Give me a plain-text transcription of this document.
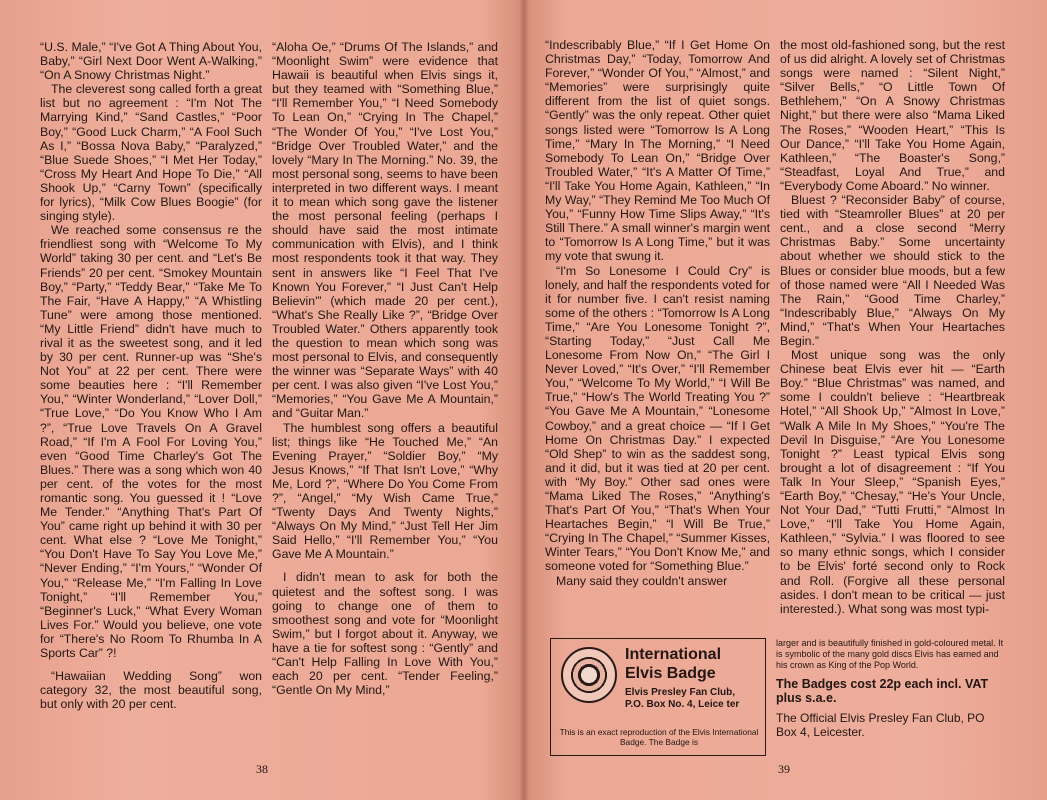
“U.S. Male,” “I've Got A Thing About You, Baby,” “Girl Next Door Went A-Walking,” “On A Snowy Christmas Night.”

The cleverest song called forth a great list but no agreement : “I'm Not The Marrying Kind,” “Sand Castles,” “Poor Boy,” “Good Luck Charm,” “A Fool Such As I,” “Bossa Nova Baby,” “Paralyzed,” “Blue Suede Shoes,” “I Met Her Today,” “Cross My Heart And Hope To Die,” “All Shook Up,” “Carny Town” (specifically for lyrics), “Milk Cow Blues Boogie” (for singing style).

We reached some consensus re the friendliest song with “Welcome To My World” taking 30 per cent. and “Let's Be Friends” 20 per cent. “Smokey Mountain Boy,” “Party,” “Teddy Bear,” “Take Me To The Fair, “Have A Happy,” “A Whistling Tune” were among those mentioned. “My Little Friend” didn't have much to rival it as the sweetest song, and it led by 30 per cent. Runner-up was “She's Not You” at 22 per cent. There were some beauties here : “I'll Remember You,” “Winter Wonderland,” “Lover Doll,” “True Love,” “Do You Know Who I Am ?”, “True Love Travels On A Gravel Road,” “If I'm A Fool For Loving You,” even “Good Time Charley's Got The Blues.” There was a song which won 40 per cent. of the votes for the most romantic song. You guessed it ! “Love Me Tender.” “Anything That's Part Of You” came right up behind it with 30 per cent. What else ? “Love Me Tonight,” “You Don't Have To Say You Love Me,” “Never Ending,” “I'm Yours,” “Wonder Of You,” “Release Me,” “I'm Falling In Love Tonight,” “I'll Remember You,” “Beginner's Luck,” “What Every Woman Lives For.” Would you believe, one vote for “There's No Room To Rhumba In A Sports Car” ?!

“Hawaiian Wedding Song” won category 32, the most beautiful song, but only with 20 per cent.

“Aloha Oe,” “Drums Of The Islands,” and “Moonlight Swim” were evidence that Hawaii is beautiful when Elvis sings it, but they teamed with “Something Blue,” “I'll Remember You,” “I Need Somebody To Lean On,” “Crying In The Chapel,” “The Wonder Of You,” “I've Lost You,” “Bridge Over Troubled Water,” and the lovely “Mary In The Morning.” No. 39, the most personal song, seems to have been interpreted in two different ways. I meant it to mean which song gave the listener the most personal feeling (perhaps I should have said the most intimate communication with Elvis), and I think most respondents took it that way. They sent in answers like “I Feel That I've Known You Forever,” “I Just Can't Help Believin'” (which made 20 per cent.), “What's She Really Like ?”, “Bridge Over Troubled Water.” Others apparently took the question to mean which song was most personal to Elvis, and consequently the winner was “Separate Ways” with 40 per cent. I was also given “I've Lost You,” “Memories,” “You Gave Me A Mountain,” and “Guitar Man.”

The humblest song offers a beautiful list; things like “He Touched Me,” “An Evening Prayer,” “Soldier Boy,” “My Jesus Knows,” “If That Isn't Love,” “Why Me, Lord ?”, “Where Do You Come From ?”, “Angel,” “My Wish Came True,” “Twenty Days And Twenty Nights,” “Always On My Mind,” “Just Tell Her Jim Said Hello,” “I'll Remember You,” “You Gave Me A Mountain.”

I didn't mean to ask for both the quietest and the softest song. I was going to change one of them to smoothest song and vote for “Moonlight Swim,” but I forgot about it. Anyway, we have a tie for softest song : “Gently” and “Can't Help Falling In Love With You,” each 20 per cent. “Tender Feeling,” “Gentle On My Mind,”

“Indescribably Blue,” “If I Get Home On Christmas Day,” “Today, Tomorrow And Forever,” “Wonder Of You,” “Almost,” and “Memories” were surprisingly quite different from the list of quiet songs. “Gently” was the only repeat. Other quiet songs listed were “Tomorrow Is A Long Time,” “Mary In The Morning,” “I Need Somebody To Lean On,” “Bridge Over Troubled Water,” “It's A Matter Of Time,” “I'll Take You Home Again, Kathleen,” “In My Way,” “They Remind Me Too Much Of You,” “Funny How Time Slips Away,” “It's Still There.” A small winner's margin went to “Tomorrow Is A Long Time,” but it was my vote that swung it.

“I'm So Lonesome I Could Cry” is lonely, and half the respondents voted for it for number five. I can't resist naming some of the others : “Tomorrow Is A Long Time,” “Are You Lonesome Tonight ?”, “Starting Today,” “Just Call Me Lonesome From Now On,” “The Girl I Never Loved,” “It's Over,” “I'll Remember You,” “Welcome To My World,” “I Will Be True,” “How's The World Treating You ?” “You Gave Me A Mountain,” “Lonesome Cowboy,” and a great choice — “If I Get Home On Christmas Day.” I expected “Old Shep” to win as the saddest song, and it did, but it was tied at 20 per cent. with “My Boy.” Other sad ones were “Mama Liked The Roses,” “Anything's That's Part Of You,” “That's When Your Heartaches Begin,” “I Will Be True,” “Crying In The Chapel,” “Summer Kisses, Winter Tears,” “You Don't Know Me,” and someone voted for “Something Blue.”

Many said they couldn't answer

the most old-fashioned song, but the rest of us did alright. A lovely set of Christmas songs were named : “Silent Night,” “Silver Bells,” “O Little Town Of Bethlehem,” “On A Snowy Christmas Night,” but there were also “Mama Liked The Roses,” “Wooden Heart,” “This Is Our Dance,” “I'll Take You Home Again, Kathleen,” “The Boaster's Song,” “Steadfast, Loyal And True,” and “Everybody Come Aboard.” No winner.

Bluest ? “Reconsider Baby” of course, tied with “Steamroller Blues” at 20 per cent., and a close second “Merry Christmas Baby.” Some uncertainty about whether we should stick to the Blues or consider blue moods, but a few of those named were “All I Needed Was The Rain,” “Good Time Charley,” “Indescribably Blue,” “Always On My Mind,” “That's When Your Heartaches Begin.”

Most unique song was the only Chinese beat Elvis ever hit — “Earth Boy.” “Blue Christmas” was named, and some I couldn't believe : “Heartbreak Hotel,” “All Shook Up,” “Almost In Love,” “Walk A Mile In My Shoes,” “You're The Devil In Disguise,” “Are You Lonesome Tonight ?” Least typical Elvis song brought a lot of disagreement : “If You Talk In Your Sleep,” “Spanish Eyes,” “Earth Boy,” “Chesay,” “He's Your Uncle, Not Your Dad,” “Tutti Frutti,” “Almost In Love,” “I'll Take You Home Again, Kathleen,” “Sylvia.” I was floored to see so many ethnic songs, which I consider to be Elvis' forté second only to Rock and Roll. (Forgive all these personal asides. I don't mean to be critical — just interested.). What song was most typi-

International Elvis Badge
Elvis Presley Fan Club,
P.O. Box No. 4, Leice ter
This is an exact reproduction of the Elvis International Badge. The Badge is

larger and is beautifully finished in gold-coloured metal. It is symbolic of the many gold discs Elvis has earned and his crown as King of the Pop World.

The Badges cost 22p each incl. VAT plus s.a.e.

The Official Elvis Presley Fan Club, PO Box 4, Leicester.

38	39
